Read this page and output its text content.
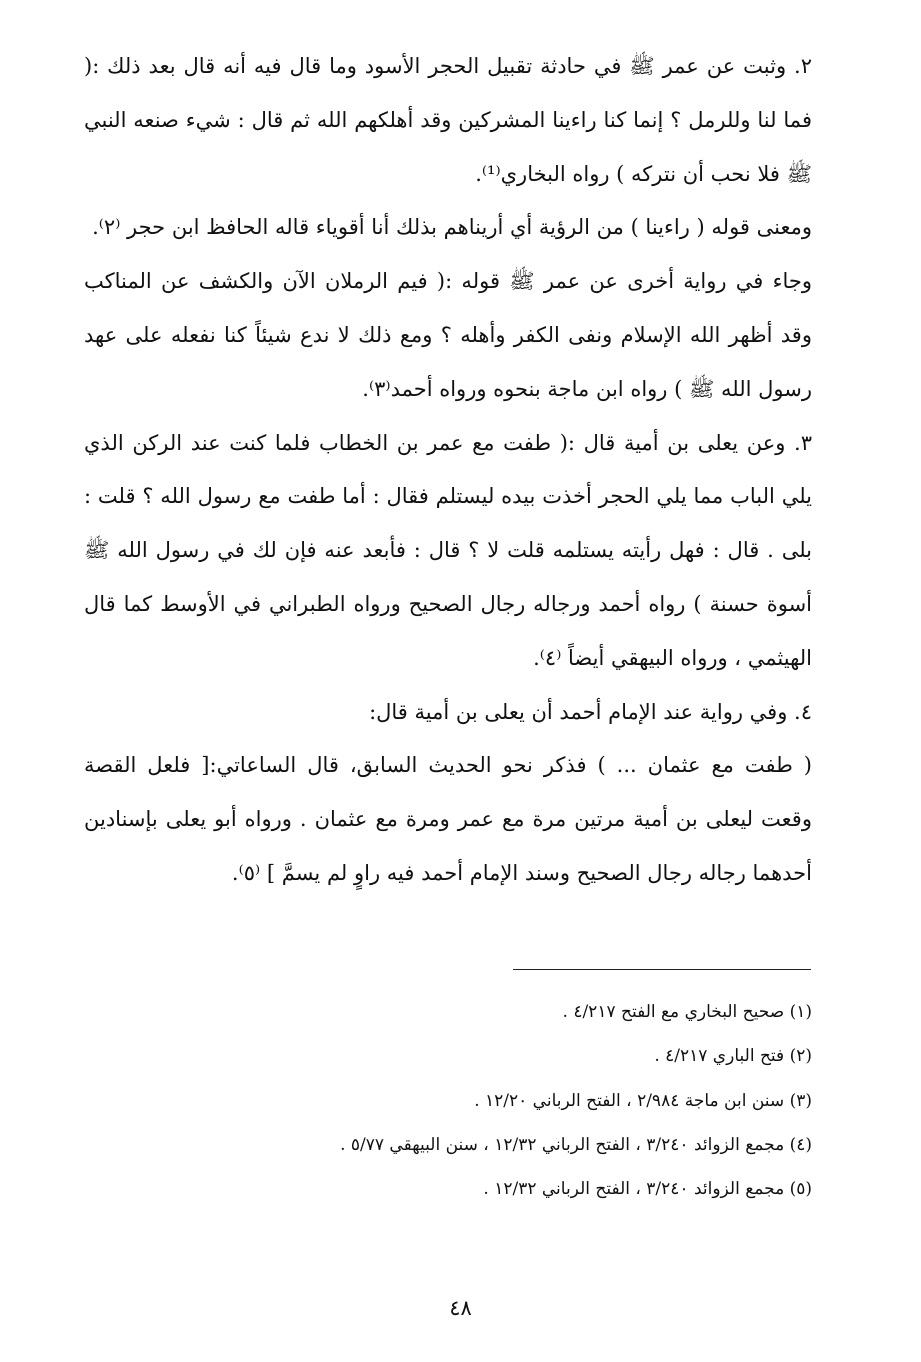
٢. وثبت عن عمر ﷺ في حادثة تقبيل الحجر الأسود وما قال فيه أنه قال بعد ذلك :( فما لنا وللرمل ؟ إنما كنا راءينا المشركين وقد أهلكهم الله ثم قال : شيء صنعه النبي ﷺ فلا نحب أن نتركه ) رواه البخاري⁽¹⁾.

ومعنى قوله ( راءينا ) من الرؤية أي أريناهم بذلك أنا أقوياء قاله الحافظ ابن حجر ⁽٢⁾.

وجاء في رواية أخرى عن عمر ﷺ قوله :( فيم الرملان الآن والكشف عن المناكب وقد أظهر الله الإسلام ونفى الكفر وأهله ؟ ومع ذلك لا ندع شيئاً كنا نفعله على عهد رسول الله ﷺ ) رواه ابن ماجة بنحوه ورواه أحمد⁽٣⁾.

٣. وعن يعلى بن أمية قال :( طفت مع عمر بن الخطاب فلما كنت عند الركن الذي يلي الباب مما يلي الحجر أخذت بيده ليستلم فقال : أما طفت مع رسول الله ؟ قلت : بلى . قال : فهل رأيته يستلمه قلت لا ؟ قال : فأبعد عنه فإن لك في رسول الله ﷺ أسوة حسنة ) رواه أحمد ورجاله رجال الصحيح ورواه الطبراني في الأوسط كما قال الهيثمي ، ورواه البيهقي أيضاً ⁽٤⁾.

٤. وفي رواية عند الإمام أحمد أن يعلى بن أمية قال:

( طفت مع عثمان ... ) فذكر نحو الحديث السابق، قال الساعاتي:[ فلعل القصة وقعت ليعلى بن أمية مرتين مرة مع عمر ومرة مع عثمان . ورواه أبو يعلى بإسنادين أحدهما رجاله رجال الصحيح وسند الإمام أحمد فيه راوٍ لم يسمَّ ] ⁽٥⁾.

(١) صحيح البخاري مع الفتح ٤/٢١٧ .

(٢) فتح الباري ٤/٢١٧ .

(٣) سنن ابن ماجة ٢/٩٨٤ ، الفتح الرباني ١٢/٢٠ .

(٤) مجمع الزوائد ٣/٢٤٠ ، الفتح الرباني ١٢/٣٢ ، سنن البيهقي ٥/٧٧ .

(٥) مجمع الزوائد ٣/٢٤٠ ، الفتح الرباني ١٢/٣٢ .

٤٨
